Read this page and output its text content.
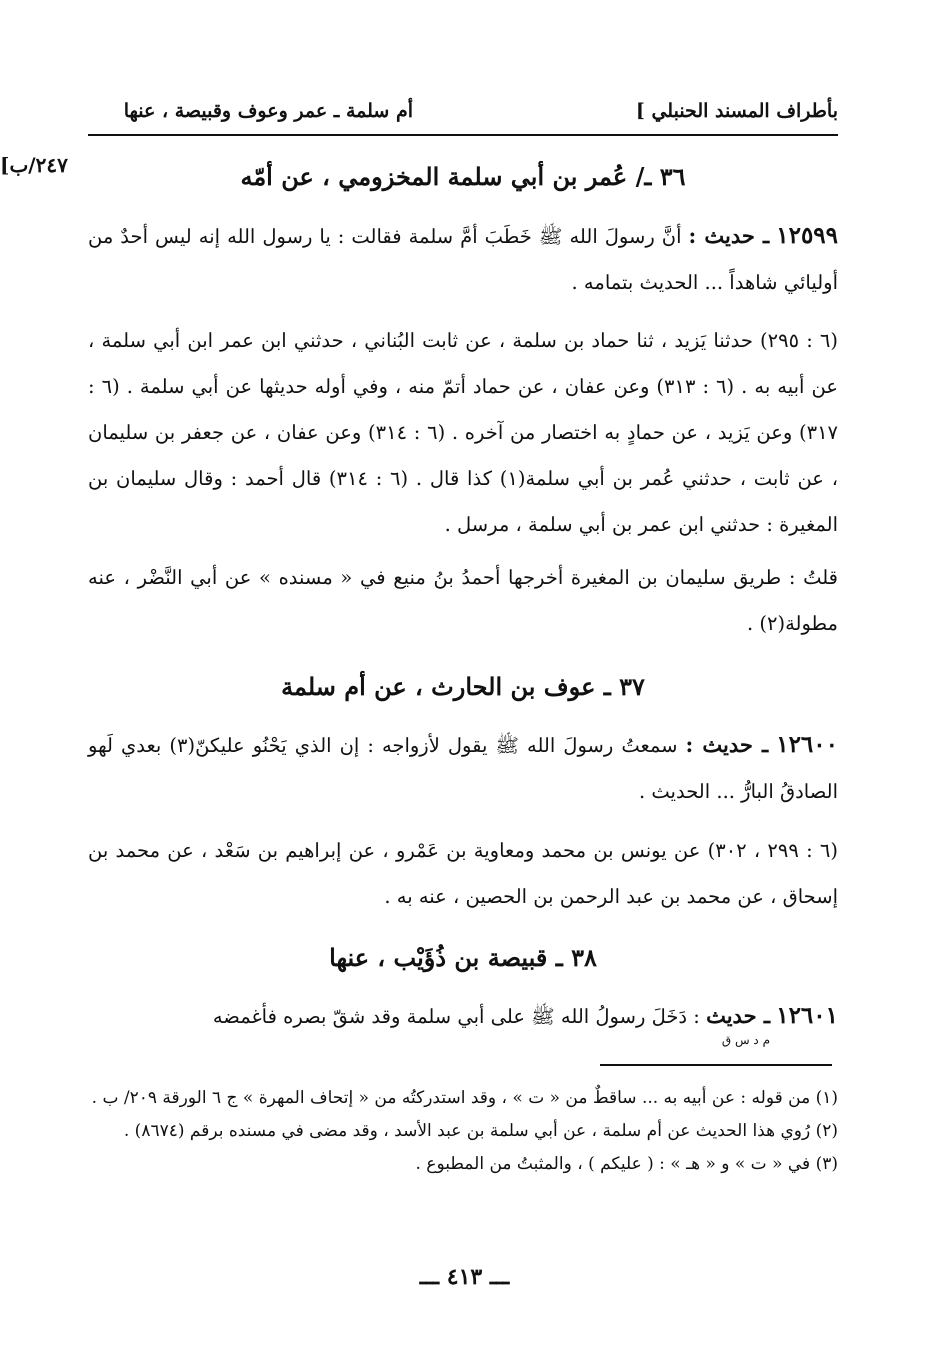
بأطراف المسند الحنبلي ]
أم سلمة ـ عمر وعوف وقبيصة ، عنها
[٢٤٧/ب	٣٦ ـ/ عُمر بن أبي سلمة المخزومي ، عن أمّه
١٢٥٩٩ ـ حديث : أنَّ رسولَ الله ﷺ خَطَبَ أمَّ سلمة فقالت : يا رسول الله إنه ليس أحدٌ من أوليائي شاهداً ... الحديث بتمامه .
(٦ : ٢٩٥) حدثنا يَزيد ، ثنا حماد بن سلمة ، عن ثابت البُناني ، حدثني ابن عمر ابن أبي سلمة ، عن أبيه به . (٦ : ٣١٣) وعن عفان ، عن حماد أتمّ منه ، وفي أوله حديثها عن أبي سلمة . (٦ : ٣١٧) وعن يَزيد ، عن حمادٍ به اختصار من آخره . (٦ : ٣١٤) وعن عفان ، عن جعفر بن سليمان ، عن ثابت ، حدثني عُمر بن أبي سلمة(١) كذا قال . (٦ : ٣١٤) قال أحمد : وقال سليمان بن المغيرة : حدثني ابن عمر بن أبي سلمة ، مرسل .
قلتُ : طريق سليمان بن المغيرة أخرجها أحمدُ بنُ منيع في « مسنده » عن أبي النَّضْر ، عنه مطولة(٢) .
٣٧ ـ عوف بن الحارث ، عن أم سلمة
١٢٦٠٠ ـ حديث : سمعتُ رسولَ الله ﷺ يقول لأزواجه : إن الذي يَحْنُو عليكنّ(٣) بعدي لَهو الصادقُ البارُّ ... الحديث .
(٦ : ٢٩٩ ، ٣٠٢) عن يونس بن محمد ومعاوية بن عَمْرو ، عن إبراهيم بن سَعْد ، عن محمد بن إسحاق ، عن محمد بن عبد الرحمن بن الحصين ، عنه به .
٣٨ ـ قبيصة بن ذُؤَيْب ، عنها
١٢٦٠١ ـ حديث
م د س ق
: دَخَلَ رسولُ الله ﷺ على أبي سلمة وقد شقّ بصره فأغمضه
(١) من قوله : عن أبيه به ... ساقطٌ من « ت » ، وقد استدركتُه من « إتحاف المهرة » ج ٦ الورقة ٢٠٩/ ب .
(٢) رُوي هذا الحديث عن أم سلمة ، عن أبي سلمة بن عبد الأسد ، وقد مضى في مسنده برقم (٨٦٧٤) .
(٣) في « ت » و « هـ » : ( عليكم ) ، والمثبتُ من المطبوع .
ـــ ٤١٣ ـــ
